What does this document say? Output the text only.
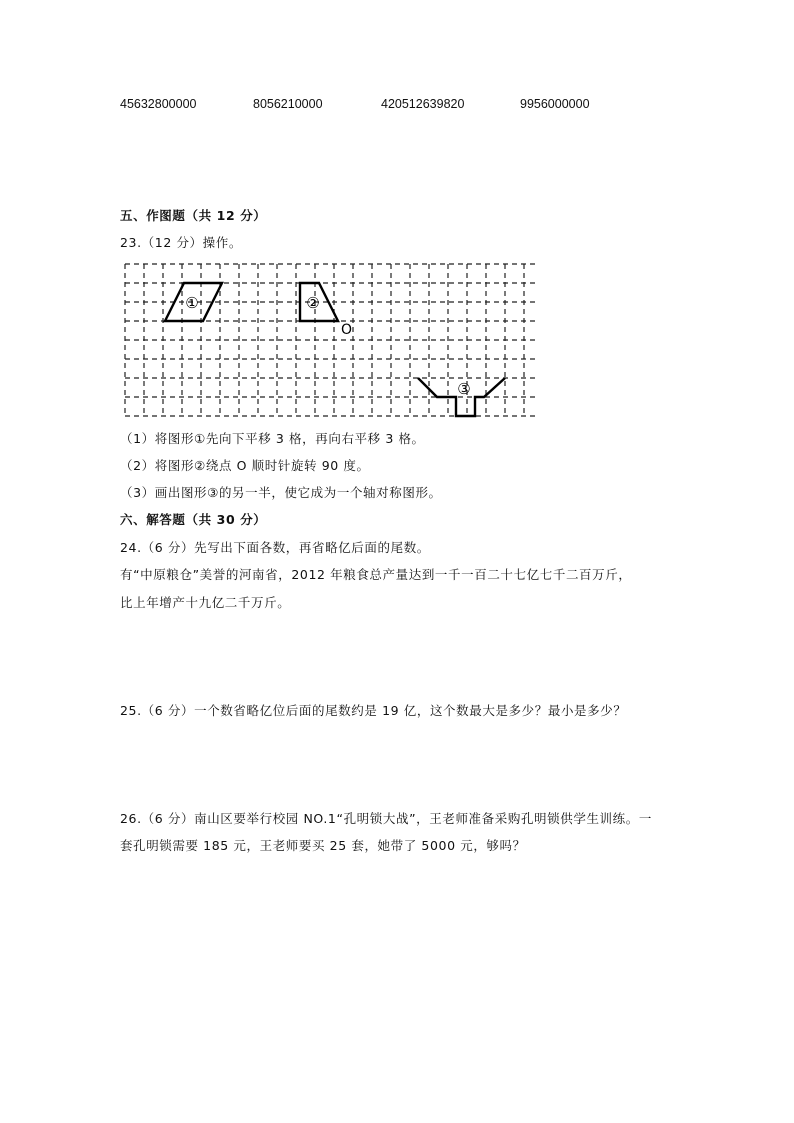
45632800000	8056210000	420512639820	9956000000
五、作图题（共 12 分）
23.（12 分）操作。
①	②
O
③
（1）将图形①先向下平移 3 格，再向右平移 3 格。
（2）将图形②绕点 O 顺时针旋转 90 度。
（3）画出图形③的另一半，使它成为一个轴对称图形。
六、解答题（共 30 分）
24.（6 分）先写出下面各数，再省略亿后面的尾数。
有“中原粮仓”美誉的河南省，2012 年粮食总产量达到一千一百二十七亿七千二百万斤，
比上年增产十九亿二千万斤。
25.（6 分）一个数省略亿位后面的尾数约是 19 亿，这个数最大是多少？最小是多少？
26.（6 分）南山区要举行校园 NO.1“孔明锁大战”，王老师准备采购孔明锁供学生训练。一
套孔明锁需要 185 元，王老师要买 25 套，她带了 5000 元，够吗？
